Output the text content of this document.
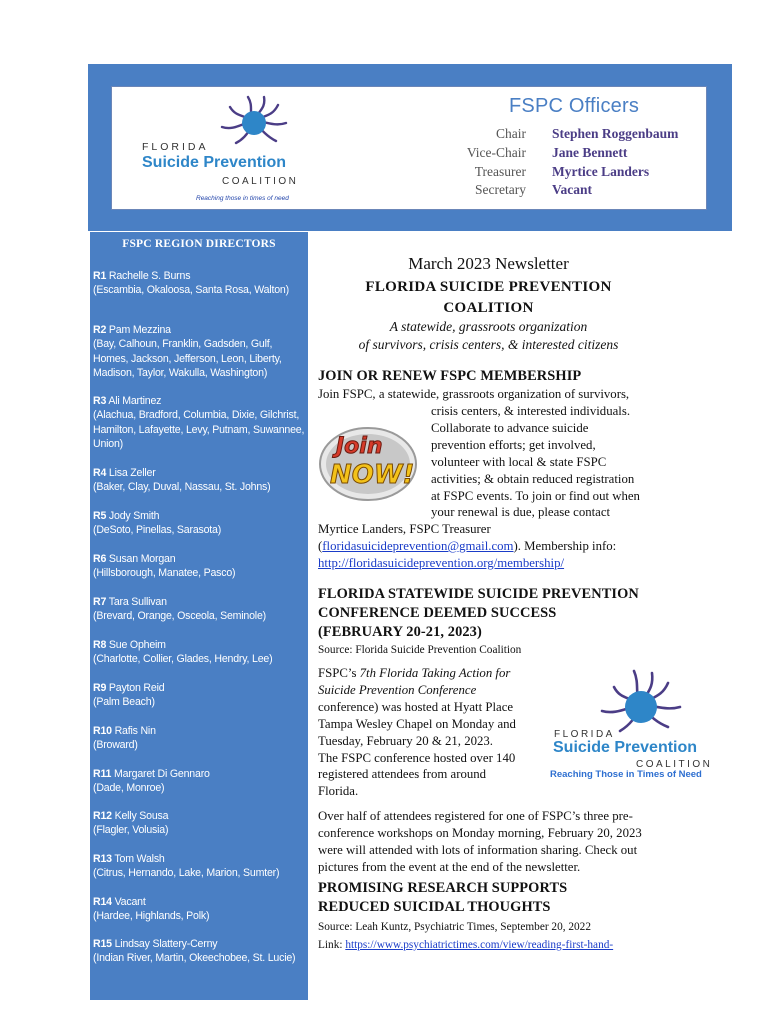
FLORIDA
Suicide Prevention
COALITION
Reaching those in times of need
FSPC Officers
Chair Stephen Roggenbaum
Vice-Chair Jane Bennett
Treasurer Myrtice Landers
Secretary Vacant
FSPC REGION DIRECTORS
R1 Rachelle S. Burns
(Escambia, Okaloosa, Santa Rosa, Walton)
R2 Pam Mezzina
(Bay, Calhoun, Franklin, Gadsden, Gulf, Homes, Jackson, Jefferson, Leon, Liberty, Madison, Taylor, Wakulla, Washington)
R3 Ali Martinez
(Alachua, Bradford, Columbia, Dixie, Gilchrist, Hamilton, Lafayette, Levy, Putnam, Suwannee, Union)
R4 Lisa Zeller
(Baker, Clay, Duval, Nassau, St. Johns)
R5 Jody Smith
(DeSoto, Pinellas, Sarasota)
R6 Susan Morgan
(Hillsborough, Manatee, Pasco)
R7 Tara Sullivan
(Brevard, Orange, Osceola, Seminole)
R8 Sue Opheim
(Charlotte, Collier, Glades, Hendry, Lee)
R9 Payton Reid
(Palm Beach)
R10 Rafis Nin
(Broward)
R11 Margaret Di Gennaro
(Dade, Monroe)
R12 Kelly Sousa
(Flagler, Volusia)
R13 Tom Walsh
(Citrus, Hernando, Lake, Marion, Sumter)
R14 Vacant
(Hardee, Highlands, Polk)
R15 Lindsay Slattery-Cerny
(Indian River, Martin, Okeechobee, St. Lucie)
March 2023 Newsletter
FLORIDA SUICIDE PREVENTION
COALITION
A statewide, grassroots organization
of survivors, crisis centers, & interested citizens
JOIN OR RENEW FSPC MEMBERSHIP
Join FSPC, a statewide, grassroots organization of survivors,
Join
NOW!
crisis centers, & interested individuals.
Collaborate to advance suicide
prevention efforts; get involved,
volunteer with local & state FSPC
activities; & obtain reduced registration
at FSPC events. To join or find out when
your renewal is due, please contact
Myrtice Landers, FSPC Treasurer
(floridasuicideprevention@gmail.com). Membership info:
http://floridasuicideprevention.org/membership/
FLORIDA STATEWIDE SUICIDE PREVENTION
CONFERENCE DEEMED SUCCESS
(FEBRUARY 20-21, 2023)
Source: Florida Suicide Prevention Coalition
FSPC’s 7th Florida Taking Action for
Suicide Prevention Conference
conference) was hosted at Hyatt Place
Tampa Wesley Chapel on Monday and
Tuesday, February 20 & 21, 2023.
The FSPC conference hosted over 140
registered attendees from around
Florida.
FLORIDA
Suicide Prevention
COALITION
Reaching Those in Times of Need
Over half of attendees registered for one of FSPC’s three pre-
conference workshops on Monday morning, February 20, 2023
were will attended with lots of information sharing. Check out
pictures from the event at the end of the newsletter.
PROMISING RESEARCH SUPPORTS
REDUCED SUICIDAL THOUGHTS
Source: Leah Kuntz, Psychiatric Times, September 20, 2022
Link: https://www.psychiatrictimes.com/view/reading-first-hand-
